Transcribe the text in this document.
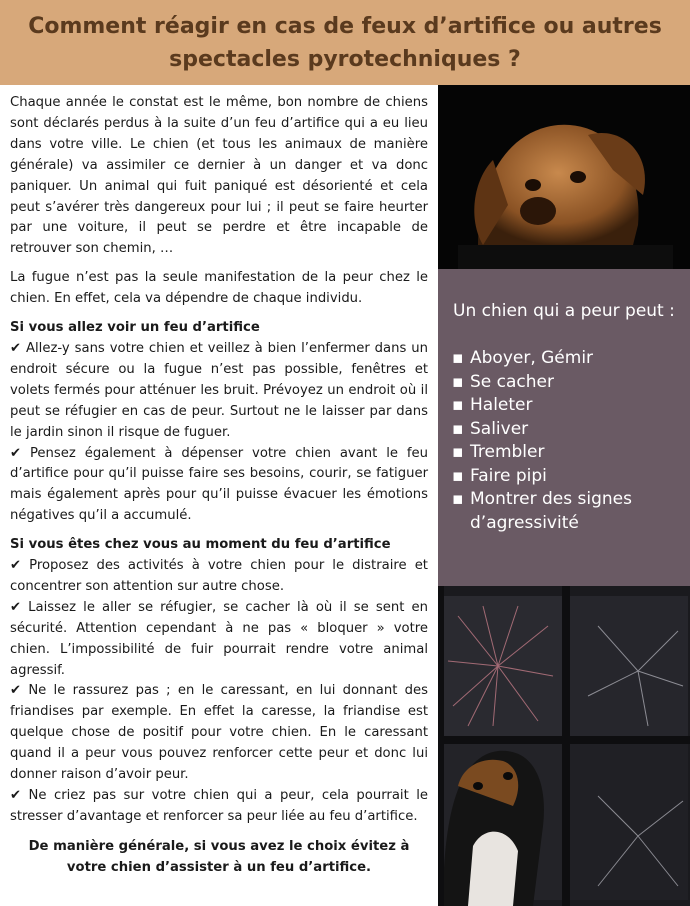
Comment réagir en cas de feux d’artifice ou autres spectacles pyrotechniques ?

Chaque année le constat est le même, bon nombre de chiens sont déclarés perdus à la suite d’un feu d’artifice qui a eu lieu dans votre ville. Le chien (et tous les animaux de manière générale) va assimiler ce dernier à un danger et va donc paniquer. Un animal qui fuit paniqué est désorienté et cela peut s’avérer très dangereux pour lui ; il peut se faire heurter par une voiture, il peut se perdre et être incapable de retrouver son chemin, …

La fugue n’est pas la seule manifestation de la peur chez le chien. En effet, cela va dépendre de chaque individu.

Si vous allez voir un feu d’artifice

✔ Allez-y sans votre chien et veillez à bien l’enfermer dans un endroit sécure ou la fugue n’est pas possible, fenêtres et volets fermés pour atténuer les bruit. Prévoyez un endroit où il peut se réfugier en cas de peur. Surtout ne le laisser par dans le jardin sinon il risque de fuguer.

✔ Pensez également à dépenser votre chien avant le feu d’artifice pour qu’il puisse faire ses besoins, courir, se fatiguer mais également après pour qu’il puisse évacuer les émotions négatives qu’il a accumulé.

Si vous êtes chez vous au moment du feu d’artifice

✔ Proposez des activités à votre chien pour le distraire et concentrer son attention sur autre chose.

✔ Laissez le aller se réfugier, se cacher là où il se sent en sécurité. Attention cependant à ne pas « bloquer » votre chien. L’impossibilité de fuir pourrait rendre votre animal agressif.

✔ Ne le rassurez pas ; en le caressant, en lui donnant des friandises par exemple. En effet la caresse, la friandise est quelque chose de positif pour votre chien. En le caressant quand il a peur vous pouvez renforcer cette peur et donc lui donner raison d’avoir peur.

✔ Ne criez pas sur votre chien qui a peur, cela pourrait le stresser d’avantage et renforcer sa peur liée au feu d’artifice.

De manière générale, si vous avez le choix évitez à votre chien d’assister à un feu d’artifice.
Un chien qui a peur peut :
▪ Aboyer, Gémir
▪ Se cacher
▪ Haleter
▪ Saliver
▪ Trembler
▪ Faire pipi
▪ Montrer des signes d’agressivité
